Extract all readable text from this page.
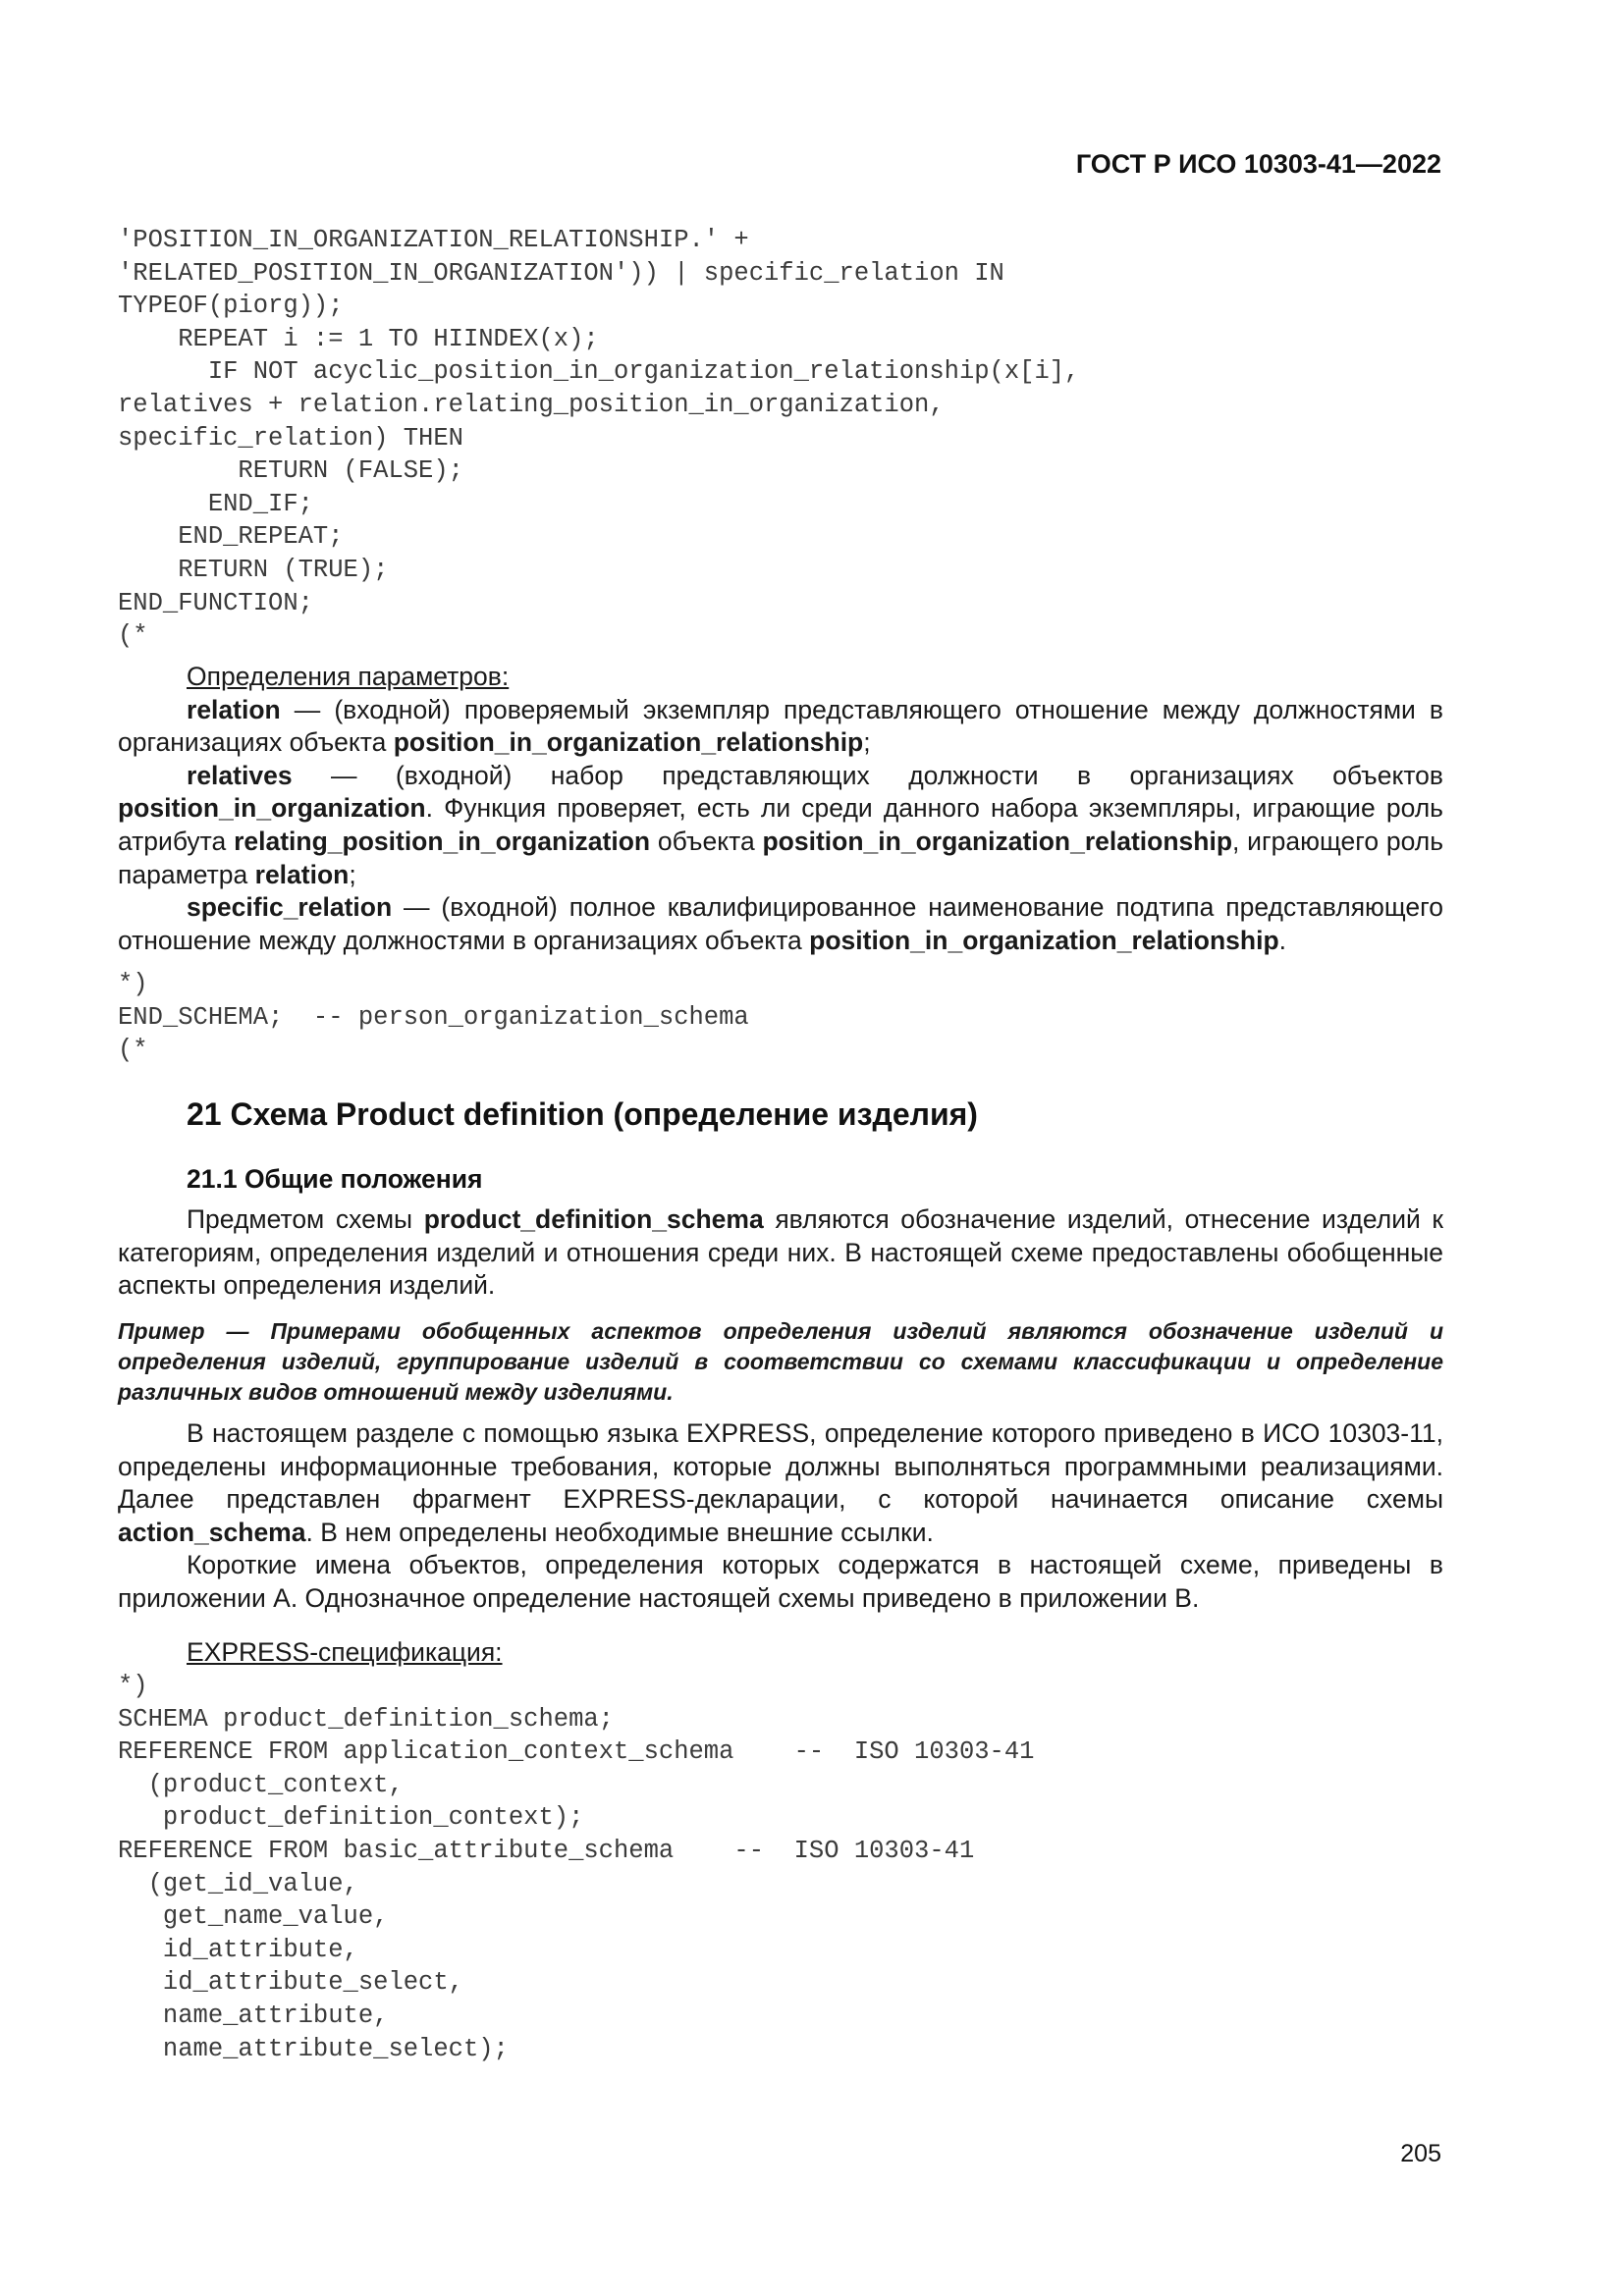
ГОСТ Р ИСО 10303-41—2022
'POSITION_IN_ORGANIZATION_RELATIONSHIP.' +
'RELATED_POSITION_IN_ORGANIZATION')) | specific_relation IN
TYPEOF(piorg));
REPEAT i := 1 TO HIINDEX(x);
IF NOT acyclic_position_in_organization_relationship(x[i],
relatives + relation.relating_position_in_organization,
specific_relation) THEN
RETURN (FALSE);
END_IF;
END_REPEAT;
RETURN (TRUE);
END_FUNCTION;
(*

Определения параметров:

relation — (входной) проверяемый экземпляр представляющего отношение между должностями в организациях объекта position_in_organization_relationship;

relatives — (входной) набор представляющих должности в организациях объектов position_in_organization. Функция проверяет, есть ли среди данного набора экземпляры, играющие роль атрибута relating_position_in_organization объекта position_in_organization_relationship, играющего роль параметра relation;

specific_relation — (входной) полное квалифицированное наименование подтипа представляющего отношение между должностями в организациях объекта position_in_organization_relationship.

*)
END_SCHEMA;  -- person_organization_schema
(*
21 Схема Product definition (определение изделия)
21.1 Общие положения

Предметом схемы product_definition_schema являются обозначение изделий, отнесение изделий к категориям, определения изделий и отношения среди них. В настоящей схеме предоставлены обобщенные аспекты определения изделий.

Пример — Примерами обобщенных аспектов определения изделий являются обозначение изделий и определения изделий, группирование изделий в соответствии со схемами классификации и определение различных видов отношений между изделиями.

В настоящем разделе с помощью языка EXPRESS, определение которого приведено в ИСО 10303-11, определены информационные требования, которые должны выполняться программными реализациями. Далее представлен фрагмент EXPRESS-декларации, с которой начинается описание схемы action_schema. В нем определены необходимые внешние ссылки.

Короткие имена объектов, определения которых содержатся в настоящей схеме, приведены в приложении А. Однозначное определение настоящей схемы приведено в приложении В.

EXPRESS-спецификация:

*)
SCHEMA product_definition_schema;
REFERENCE FROM application_context_schema    --  ISO 10303-41
(product_context,
product_definition_context);
REFERENCE FROM basic_attribute_schema    --  ISO 10303-41
(get_id_value,
get_name_value,
id_attribute,
id_attribute_select,
name_attribute,
name_attribute_select);
205
